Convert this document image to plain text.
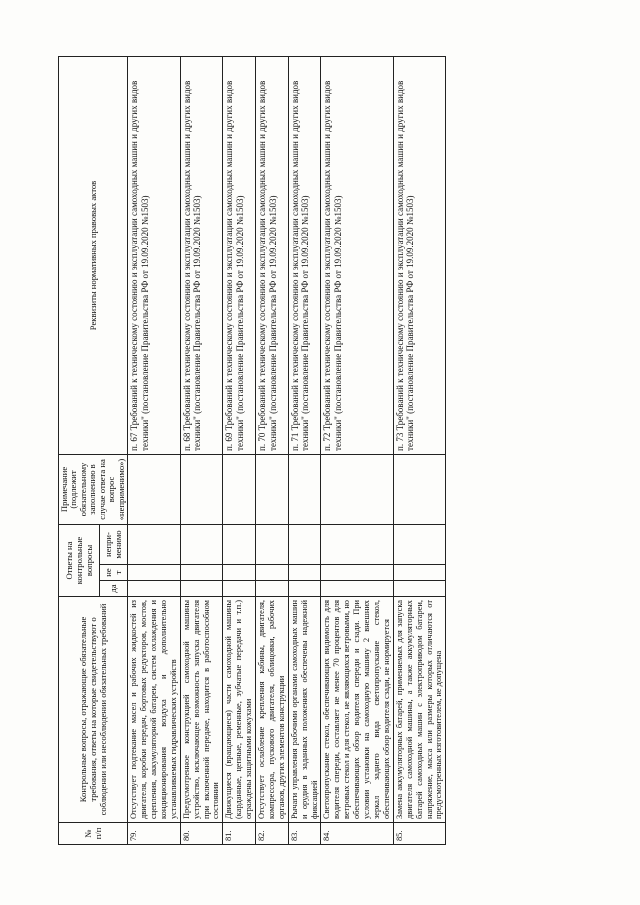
№ п/п	Контрольные вопросы, отражающие обязательные требования, ответы на которые свидетельствуют о соблюдении или несоблюдении обязательных требований	Ответы на контрольные вопросы			Примечание (подлежит обязательному заполнению в случае ответа на вопрос «неприменимо»)	Реквизиты нормативных правовых актов
		да	нет	непри-менимо		
79.	Отсутствует подтекание масел и рабочих жидкостей из двигателя, коробки передач, бортовых редукторов, мостов, сцепления, аккумуляторной батареи, систем охлаждения и кондиционирования воздуха и дополнительно устанавливаемых гидравлических устройств					п. 67 Требований к техническому состоянию и эксплуатации самоходных машин и других видов техники" (постановление Правительства РФ от 19.09.2020 №1503)
80.	Предусмотренное конструкцией самоходной машины устройство, исключающее возможность запуска двигателя при включенной передаче, находится в работоспособном состоянии					п. 68 Требований к техническому состоянию и эксплуатации самоходных машин и других видов техники" (постановление Правительства РФ от 19.09.2020 №1503)
81.	Движущиеся (вращающиеся) части самоходной машины (карданные, цепные, ременные, зубчатые передачи и т.п.) ограждены защитными кожухами					п. 69 Требований к техническому состоянию и эксплуатации самоходных машин и других видов техники" (постановление Правительства РФ от 19.09.2020 №1503)
82.	Отсутствует ослабление крепления кабины, двигателя, компрессора, пускового двигателя, облицовки, рабочих органов, других элементов конструкции					п. 70 Требований к техническому состоянию и эксплуатации самоходных машин и других видов техники" (постановление Правительства РФ от 19.09.2020 №1503)
83.	Рычаги управления рабочими органами самоходных машин и орудия в заданных положениях обеспечены надежной фиксацией					п. 71 Требований к техническому состоянию и эксплуатации самоходных машин и других видов техники" (постановление Правительства РФ от 19.09.2020 №1503)
84.	Светопропускание стекол, обеспечивающих видимость для водителя спереди, составляет не менее 70 процентов для ветровых стекол и для стекол, не являющихся ветровыми, но обеспечивающих обзор водителя спереди и сзади. При условии установки на самоходную машину 2 внешних зеркал заднего вида светопропускание стекол, обеспечивающих обзор водителя сзади, не нормируется					п. 72 Требований к техническому состоянию и эксплуатации самоходных машин и других видов техники" (постановление Правительства РФ от 19.09.2020 №1503)
85.	Замена аккумуляторных батарей, применяемых для запуска двигателя самоходной машины, а также аккумуляторных батарей самоходных машин с электроприводом батареи, напряжение, масса или размеры которых отличаются от предусмотренных изготовителем, не допущена					п. 73 Требований к техническому состоянию и эксплуатации самоходных машин и других видов техники" (постановление Правительства РФ от 19.09.2020 №1503)
